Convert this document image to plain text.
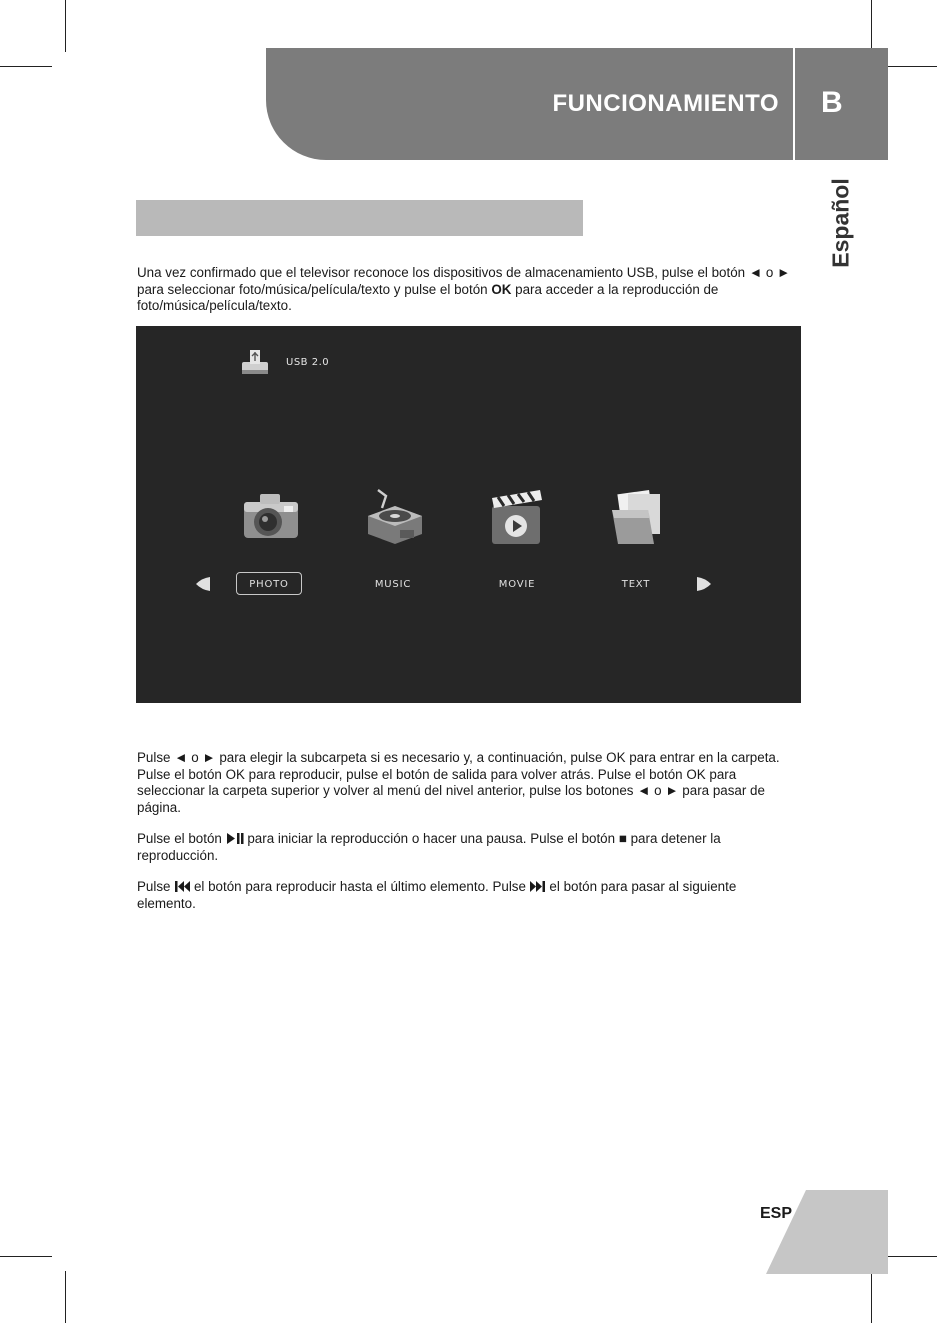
FUNCIONAMIENTO B
Español
Una vez confirmado que el televisor reconoce los dispositivos de almacenamiento USB, pulse el botón ◄ o ► para seleccionar foto/música/película/texto y pulse el botón OK para acceder a la reproducción de foto/música/película/texto.
USB 2.0
PHOTO	MUSIC	MOVIE	TEXT
Pulse ◄ o ► para elegir la subcarpeta si es necesario y, a continuación, pulse OK para entrar en la carpeta. Pulse el botón OK para reproducir, pulse el botón de salida para volver atrás. Pulse el botón OK para seleccionar la carpeta superior y volver al menú del nivel anterior, pulse los botones ◄ o ► para pasar de página.
Pulse el botón para iniciar la reproducción o hacer una pausa. Pulse el botón ■ para detener la reproducción.
Pulse el botón para reproducir hasta el último elemento. Pulse el botón para pasar al siguiente elemento.
ESP
